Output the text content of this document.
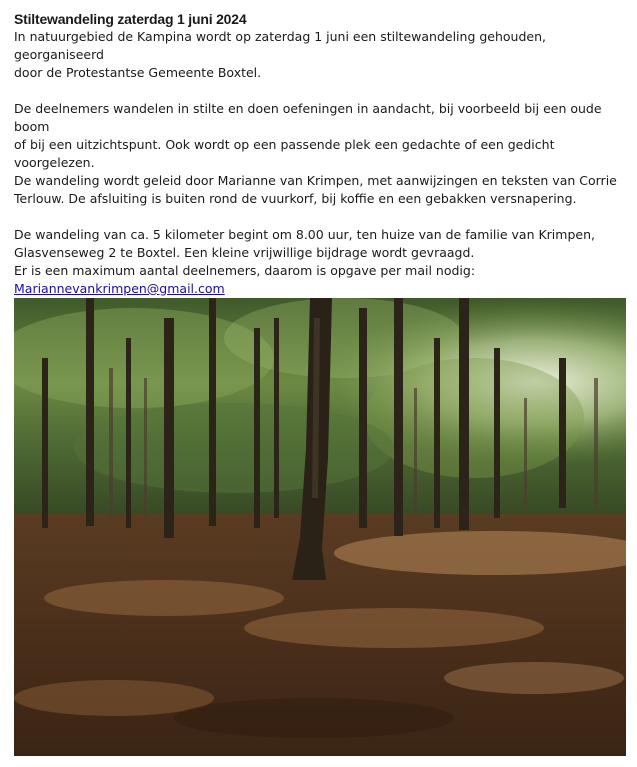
Stiltewandeling zaterdag 1 juni 2024

In natuurgebied de Kampina wordt op zaterdag 1 juni een stiltewandeling gehouden, georganiseerd

door de Protestantse Gemeente Boxtel.

De deelnemers wandelen in stilte en doen oefeningen in aandacht, bij voorbeeld bij een oude boom

of bij een uitzichtspunt. Ook wordt op een passende plek een gedachte of een gedicht voorgelezen.

De wandeling wordt geleid door Marianne van Krimpen, met aanwijzingen en teksten van Corrie

Terlouw. De afsluiting is buiten rond de vuurkorf, bij koffie en een gebakken versnapering.

De wandeling van ca. 5 kilometer begint om 8.00 uur, ten huize van de familie van Krimpen,

Glasvenseweg 2 te Boxtel. Een kleine vrijwillige bijdrage wordt gevraagd.

Er is een maximum aantal deelnemers, daarom is opgave per mail nodig:

Mariannevankrimpen@gmail.com
